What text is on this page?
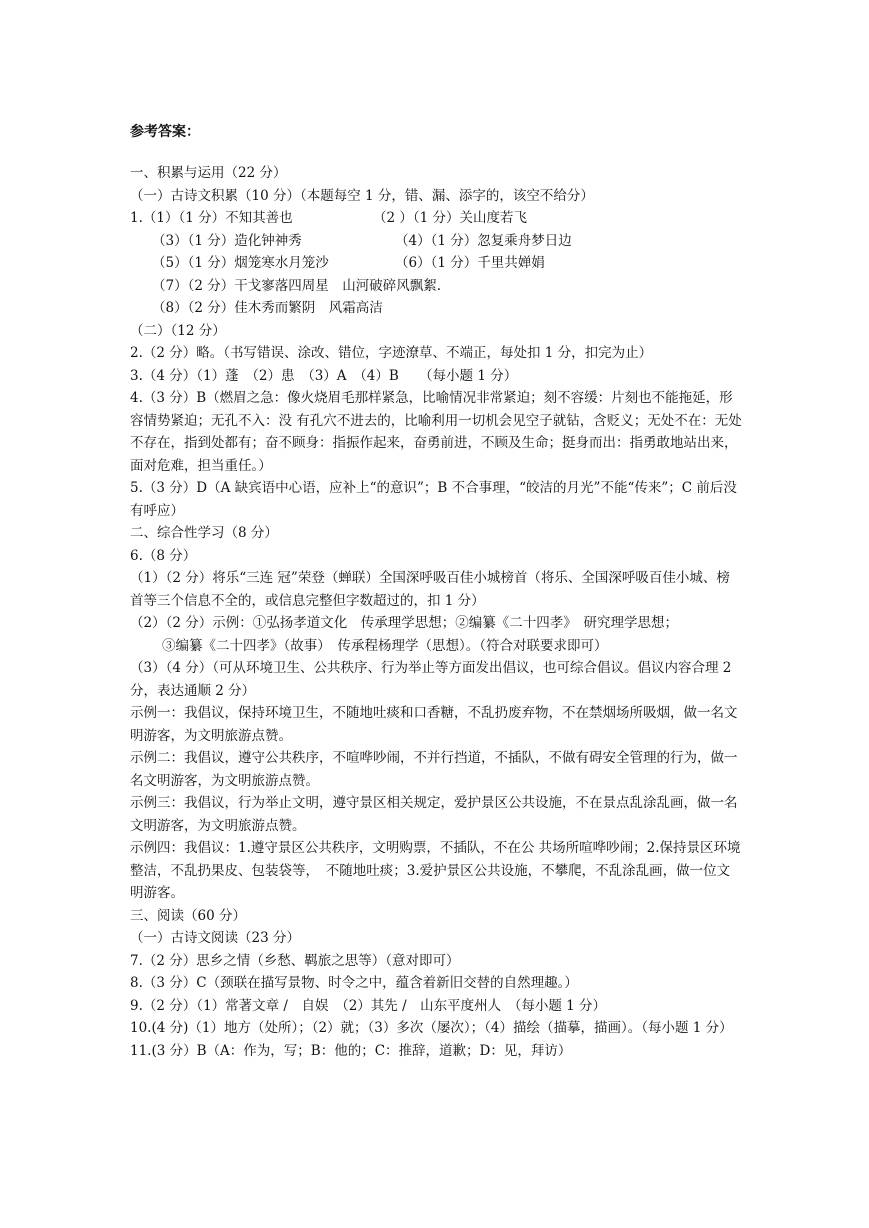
参考答案：
一、积累与运用（22 分）
（一）古诗文积累（10 分）（本题每空 1 分，错、漏、添字的，该空不给分）
1.（1）（1 分）不知其善也	（2 ）（1 分）关山度若飞
（3）（1 分）造化钟神秀	（4）（1 分）忽复乘舟梦日边
（5）（1 分）烟笼寒水月笼沙	（6）（1 分）千里共婵娟
（7）（2 分）干戈寥落四周星　山河破碎风飘絮.
（8）（2 分）佳木秀而繁阴　风霜高洁
（二）（12 分）
2.（2 分）略。（书写错误、涂改、错位，字迹潦草、不端正，每处扣 1 分，扣完为止）
3.（4 分）（1）蓬　（2）患　（3）A　（4）B　　（每小题 1 分）
4.（3 分）B（燃眉之急：像火烧眉毛那样紧急，比喻情况非常紧迫；刻不容缓：片刻也不能拖延，形容情势紧迫；无孔不入：没 有孔穴不进去的，比喻利用一切机会见空子就钻，含贬义；无处不在：无处不存在，指到处都有；奋不顾身：指振作起来，奋勇前进，不顾及生命；挺身而出：指勇敢地站出来，面对危难，担当重任。）
5.（3 分）D（A 缺宾语中心语，应补上“的意识”；B 不合事理，“皎洁的月光”不能“传来”；C 前后没有呼应）
二、综合性学习（8 分）
6.（8 分）
（1）（2 分）将乐“三连 冠”荣登（蝉联）全国深呼吸百佳小城榜首（将乐、全国深呼吸百佳小城、榜首等三个信息不全的，或信息完整但字数超过的，扣 1 分）
（2）（2 分）示例：①弘扬孝道文化　传承理学思想；②编纂《二十四孝》　研究理学思想；
③编纂《二十四孝》（故事）　传承程杨理学（思想）。（符合对联要求即可）
（3）（4 分）（可从环境卫生、公共秩序、行为举止等方面发出倡议，也可综合倡议。倡议内容合理 2 分，表达通顺 2 分）
示例一：我倡议，保持环境卫生，不随地吐痰和口香糖，不乱扔废弃物，不在禁烟场所吸烟，做一名文明游客，为文明旅游点赞。
示例二：我倡议，遵守公共秩序，不喧哗吵闹，不并行挡道，不插队，不做有碍安全管理的行为，做一名文明游客，为文明旅游点赞。
示例三：我倡议，行为举止文明，遵守景区相关规定，爱护景区公共设施，不在景点乱涂乱画，做一名文明游客，为文明旅游点赞。
示例四：我倡议：1.遵守景区公共秩序，文明购票，不插队，不在公 共场所喧哗吵闹；2.保持景区环境整洁，不乱扔果皮、包装袋等，　不随地吐痰；3.爱护景区公共设施，不攀爬，不乱涂乱画，做一位文明游客。
三、阅读（60 分）
（一）古诗文阅读（23 分）
7.（2 分）思乡之情（乡愁、羁旅之思等）（意对即可）
8.（3 分）C（颈联在描写景物、时令之中，蕴含着新旧交替的自然理趣。）
9.（2 分）（1）常著文章 /　自娱　（2）其先 /　山东平度州人　（每小题 1 分）
10.(4 分)（1）地方（处所）；（2）就；（3）多次（屡次）；（4）描绘（描摹，描画）。（每小题 1 分）
11.(3 分）B（A：作为，写；B：他的；C：推辞，道歉；D：见，拜访）
